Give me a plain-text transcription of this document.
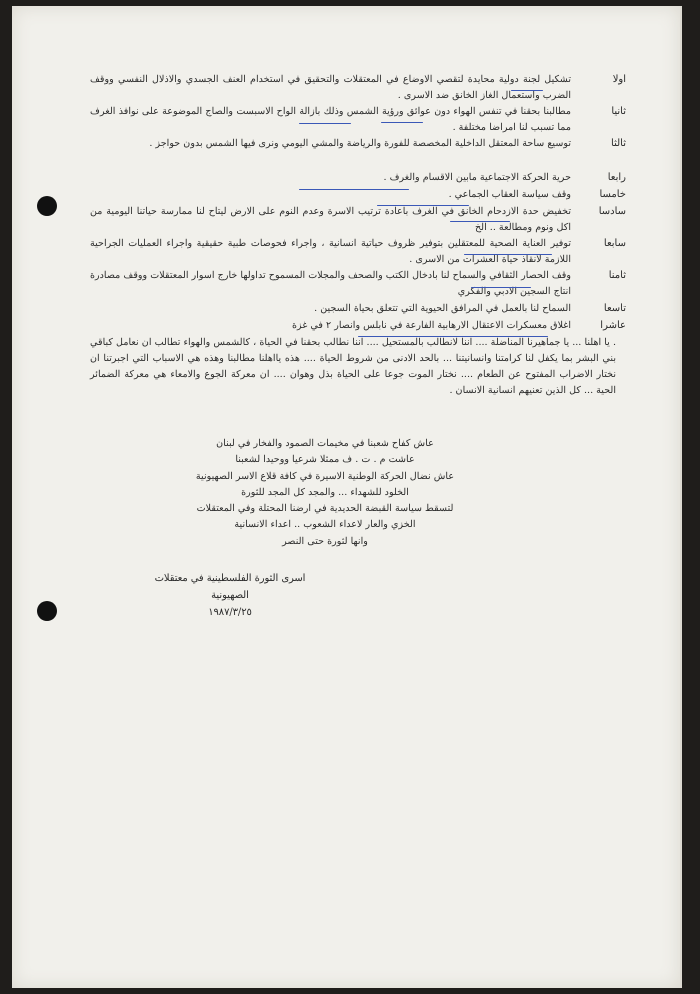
اولا
تشكيل لجنة دولية محايدة لتقصي الاوضاع في المعتقلات والتحقيق في استخدام العنف الجسدي والاذلال النفسي ووقف الضرب واستعمال الغاز الخانق ضد الاسرى .
ثانيا
مطالبنا بحقنا في تنفس الهواء دون عوائق ورؤية الشمس وذلك بازالة الواح الاسبست والصاج الموضوعة على نوافذ الغرف مما تسبب لنا امراضا مختلفة .
ثالثا
توسيع ساحة المعتقل الداخلية المخصصة للفورة والرياضة والمشي اليومي ونرى فيها الشمس بدون حواجز .
رابعا
حرية الحركة الاجتماعية مابين الاقسام والغرف .
خامسا
وقف سياسة العقاب الجماعي .
سادسا
تخفيض حدة الازدحام الخانق في الغرف باعادة ترتيب الاسرة وعدم النوم على الارض ليتاح لنا ممارسة حياتنا اليومية من اكل ونوم ومطالعة .. الخ
سابعا
توفير العناية الصحية للمعتقلين بتوفير ظروف حياتية انسانية ، واجراء فحوصات طبية حقيقية واجراء العمليات الجراحية اللازمة لانقاذ حياة العشرات من الاسرى .
ثامنا
وقف الحصار الثقافي والسماح لنا بادخال الكتب والصحف والمجلات المسموح تداولها خارج اسوار المعتقلات ووقف مصادرة انتاج السجين الادبي والفكري
تاسعا
السماح لنا بالعمل في المرافق الحيوية التي تتعلق بحياة السجين .
عاشرا
اغلاق معسكرات الاعتقال الارهابية الفارعة في نابلس وانصار ٢ في غزة
. يا اهلنا ... يا جماهيرنا المناضلة .... اننا لانطالب بالمستحيل .... اننا نطالب بحقنا في الحياة ، كالشمس والهواء تطالب ان نعامل كباقي بني البشر بما يكفل لنا كرامتنا وانسانيتنا ... بالحد الادنى من شروط الحياة .... هذه يااهلنا مطالبنا وهذه هي الاسباب التي اجبرتنا ان نختار الاضراب المفتوح عن الطعام .... نختار الموت جوعا على الحياة بذل وهوان .... ان معركة الجوع والامعاء هي معركة الضمائر الحية ... كل الذين تعنيهم انسانية الانسان .
عاش كفاح شعبنا في مخيمات الصمود والفخار في لبنان
عاشت م . ت . ف ممثلا شرعيا ووحيدا لشعبنا
عاش نضال الحركة الوطنية الاسيرة في كافة قلاع الاسر الصهيونية
الخلود للشهداء ... والمجد كل المجد للثورة
لتسقط سياسة القبضة الحديدية في ارضنا المحتلة وفي المعتقلات
الخزي والعار لاعداء الشعوب .. اعداء الانسانية
وانها لثورة حتى النصر
اسرى الثورة الفلسطينية في معتقلات الصهيونية
١٩٨٧/٣/٢٥
